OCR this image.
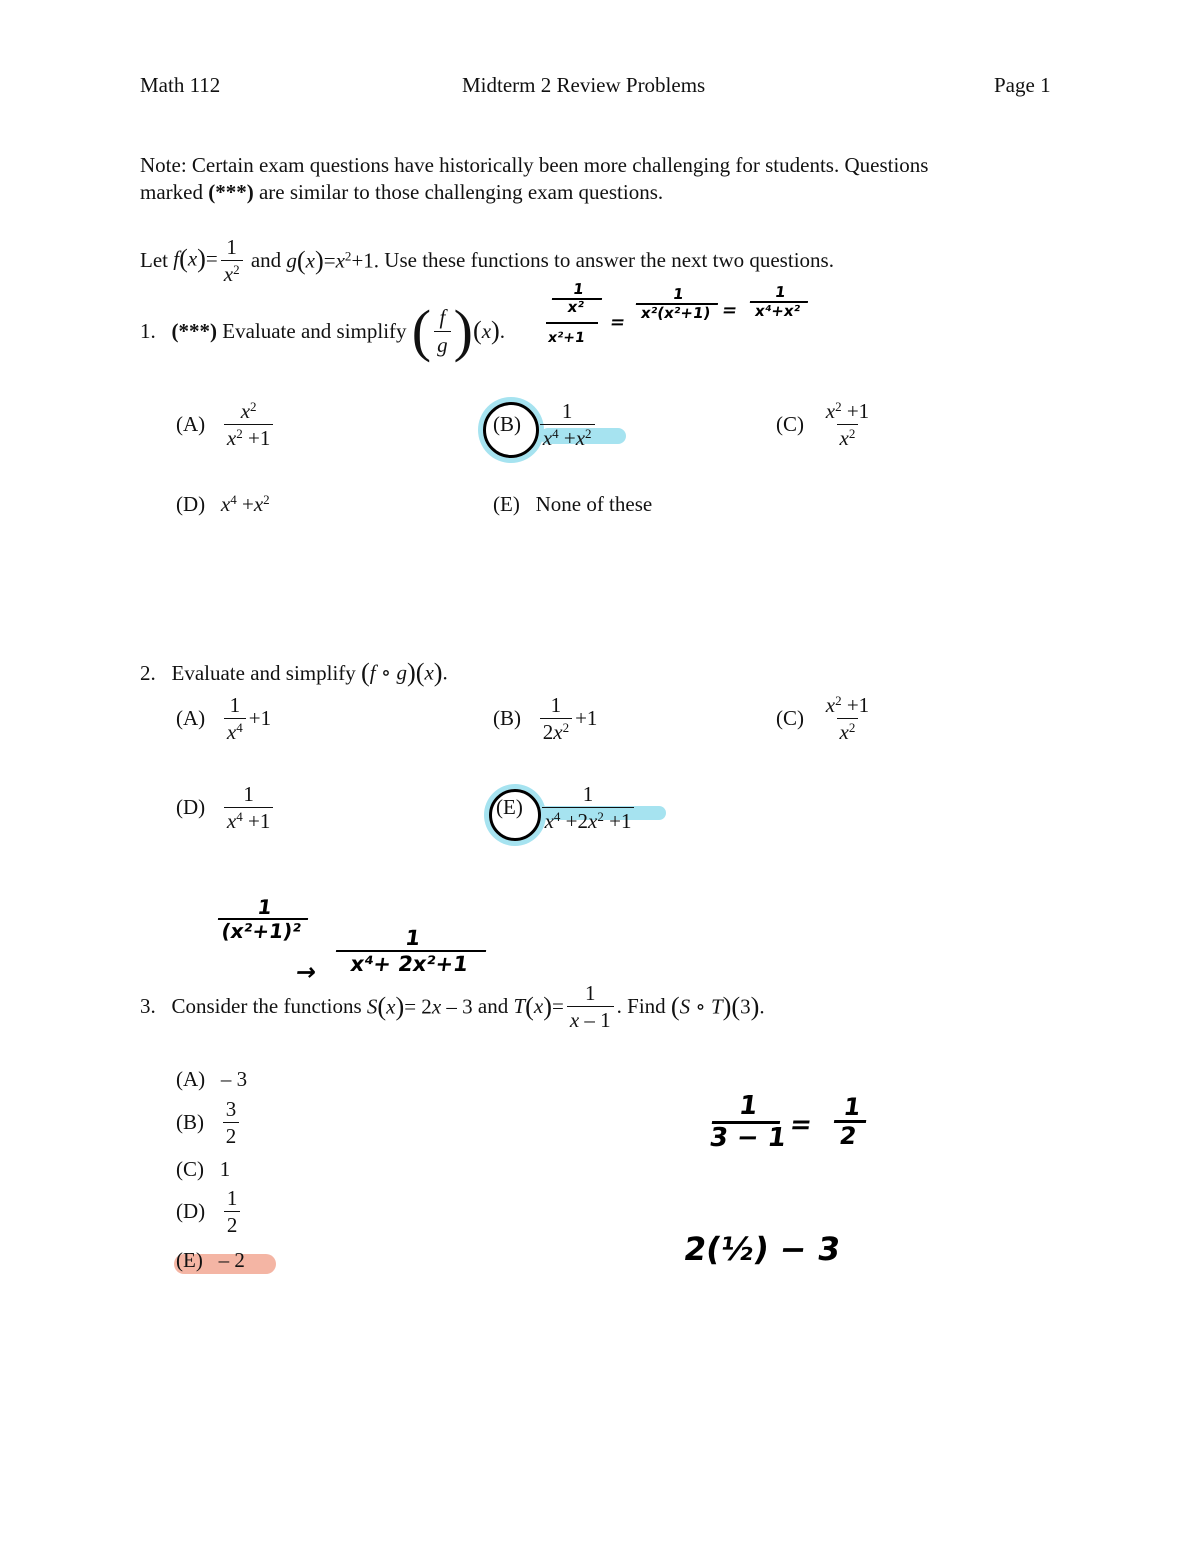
Math 112	Midterm 2 Review Problems	Page 1
Note: Certain exam questions have historically been more challenging for students. Questions
marked (***) are similar to those challenging exam questions.
Let
$f(x)= \frac{1}{x^2}$
and
$g(x)=x^2+1$.
Use these functions to answer the next two questions.
1.
(***)
Evaluate and simplify
( $\frac{f}{g}$ ) ( x ) .
(A)
$\frac{x^2}{x^2 +1}$	(B)
$\frac{1}{x^4 +x^2}$	(C)
$\frac{x^2 +1}{x^2}$
(D) $x^4 +x^2$	(E) None of these
1
x²
x²+1
=
1
x²(x²+1) =
1
x⁴+x²
2.
Evaluate and simplify
(f ∘ g)(x).
(A)
$\frac{1}{x^4} +1$	(B)
$\frac{1}{2x^2} +1$	(C)
$\frac{x^2 +1}{x^2}$
(D)
$\frac{1}{x^4 +1}$	(E)
$\frac{1}{x^4 +2x^2 +1}$
1
(x²+1)²
→
1
x⁴+ 2x²+1
3.
Consider the functions
S(x)= 2x – 3
and
T ( x ) = $\frac{1}{x - 1}$ .
Find
(S ∘ T)(3).
(A) – 3
(B)
$\frac{3}{2}$
(C) 1
(D)
$\frac{1}{2}$
(E) – 2
1
3 − 1 =
1
2
2(½) − 3
